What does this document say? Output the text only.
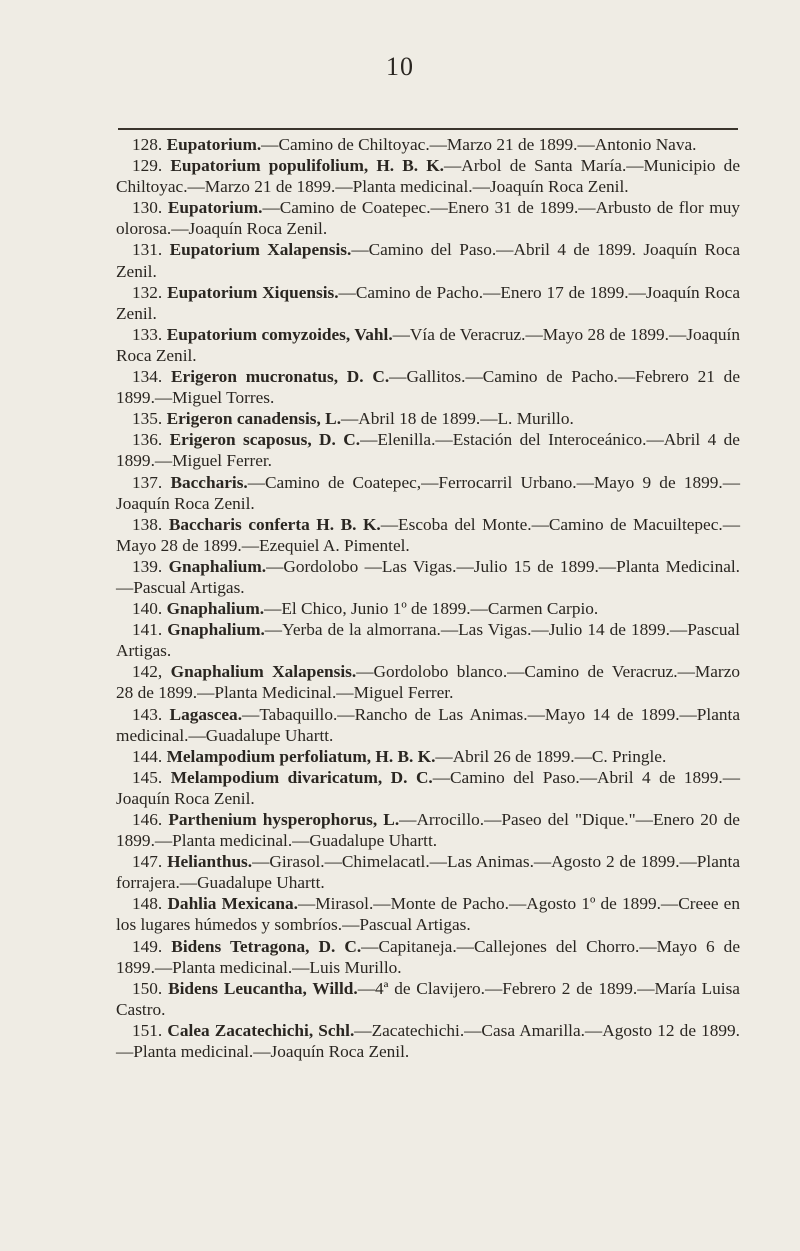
10

128. Eupatorium.—Camino de Chiltoyac.—Marzo 21 de 1899.—Antonio Nava.

129. Eupatorium populifolium, H. B. K.—Arbol de Santa María.—Municipio de Chiltoyac.—Marzo 21 de 1899.—Planta medicinal.—Joaquín Roca Zenil.

130. Eupatorium.—Camino de Coatepec.—Enero 31 de 1899.—Arbusto de flor muy olorosa.—Joaquín Roca Zenil.

131. Eupatorium Xalapensis.—Camino del Paso.—Abril 4 de 1899. Joaquín Roca Zenil.

132. Eupatorium Xiquensis.—Camino de Pacho.—Enero 17 de 1899.—Joaquín Roca Zenil.

133. Eupatorium comyzoides, Vahl.—Vía de Veracruz.—Mayo 28 de 1899.—Joaquín Roca Zenil.

134. Erigeron mucronatus, D. C.—Gallitos.—Camino de Pacho.—Febrero 21 de 1899.—Miguel Torres.

135. Erigeron canadensis, L.—Abril 18 de 1899.—L. Murillo.

136. Erigeron scaposus, D. C.—Elenilla.—Estación del Interoceánico.—Abril 4 de 1899.—Miguel Ferrer.

137. Baccharis.—Camino de Coatepec,—Ferrocarril Urbano.—Mayo 9 de 1899.—Joaquín Roca Zenil.

138. Baccharis conferta H. B. K.—Escoba del Monte.—Camino de Macuiltepec.—Mayo 28 de 1899.—Ezequiel A. Pimentel.

139. Gnaphalium.—Gordolobo —Las Vigas.—Julio 15 de 1899.—Planta Medicinal.—Pascual Artigas.

140. Gnaphalium.—El Chico, Junio 1º de 1899.—Carmen Carpio.

141. Gnaphalium.—Yerba de la almorrana.—Las Vigas.—Julio 14 de 1899.—Pascual Artigas.

142, Gnaphalium Xalapensis.—Gordolobo blanco.—Camino de Veracruz.—Marzo 28 de 1899.—Planta Medicinal.—Miguel Ferrer.

143. Lagascea.—Tabaquillo.—Rancho de Las Animas.—Mayo 14 de 1899.—Planta medicinal.—Guadalupe Uhartt.

144. Melampodium perfoliatum, H. B. K.—Abril 26 de 1899.—C. Pringle.

145. Melampodium divaricatum, D. C.—Camino del Paso.—Abril 4 de 1899.—Joaquín Roca Zenil.

146. Parthenium hysperophorus, L.—Arrocillo.—Paseo del "Dique."—Enero 20 de 1899.—Planta medicinal.—Guadalupe Uhartt.

147. Helianthus.—Girasol.—Chimelacatl.—Las Animas.—Agosto 2 de 1899.—Planta forrajera.—Guadalupe Uhartt.

148. Dahlia Mexicana.—Mirasol.—Monte de Pacho.—Agosto 1º de 1899.—Creee en los lugares húmedos y sombríos.—Pascual Artigas.

149. Bidens Tetragona, D. C.—Capitaneja.—Callejones del Chorro.—Mayo 6 de 1899.—Planta medicinal.—Luis Murillo.

150. Bidens Leucantha, Willd.—4ª de Clavijero.—Febrero 2 de 1899.—María Luisa Castro.

151. Calea Zacatechichi, Schl.—Zacatechichi.—Casa Amarilla.—Agosto 12 de 1899.—Planta medicinal.—Joaquín Roca Zenil.
